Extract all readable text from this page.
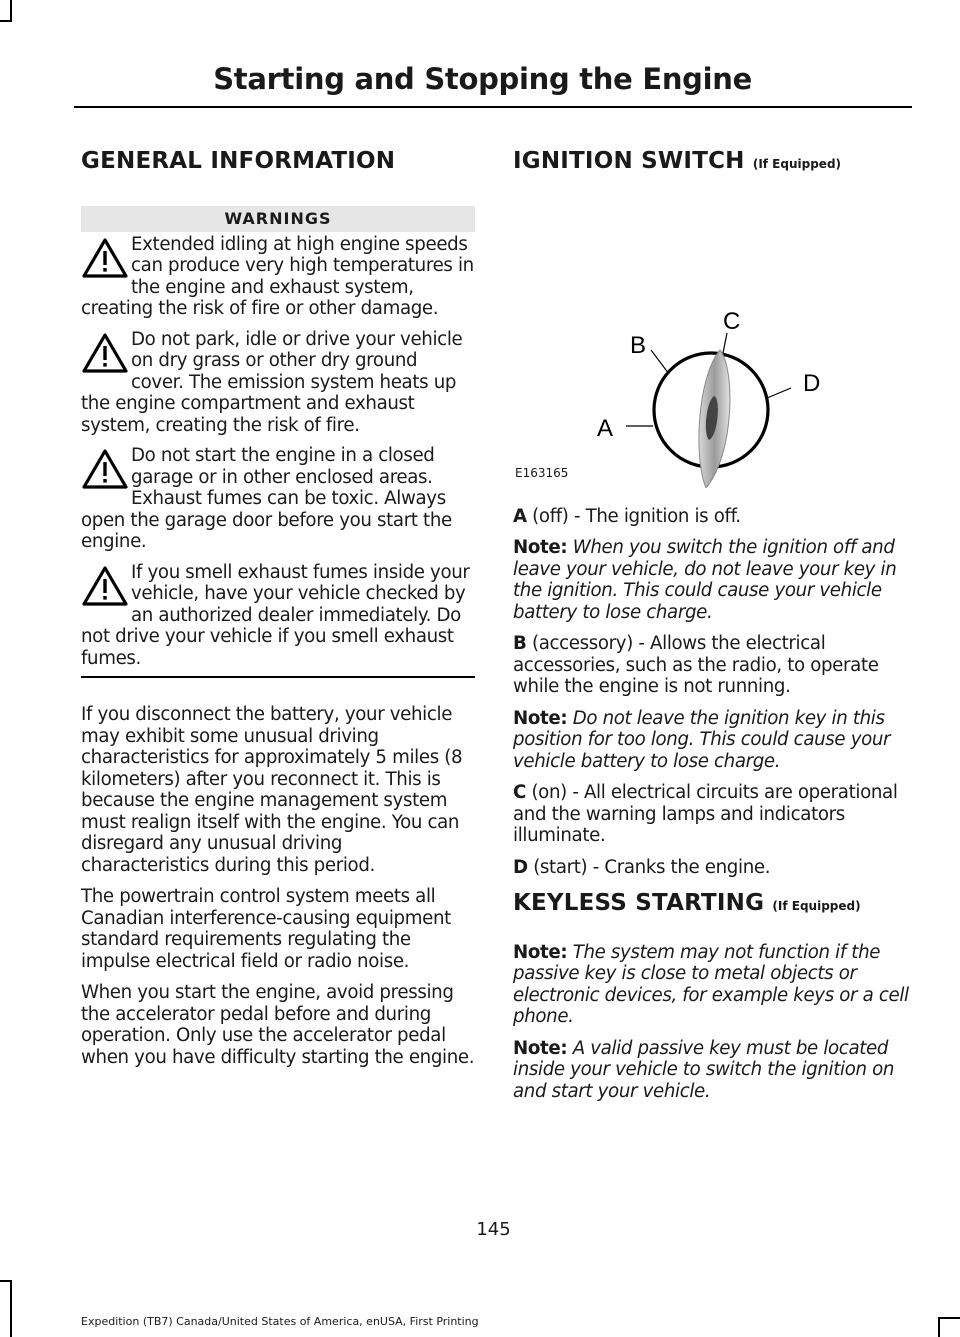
Starting and Stopping the Engine
GENERAL INFORMATION
WARNINGS
Extended idling at high engine speeds can produce very high temperatures in the engine and exhaust system, creating the risk of fire or other damage.
Do not park, idle or drive your vehicle on dry grass or other dry ground cover. The emission system heats up the engine compartment and exhaust system, creating the risk of fire.
Do not start the engine in a closed garage or in other enclosed areas. Exhaust fumes can be toxic. Always open the garage door before you start the engine.
If you smell exhaust fumes inside your vehicle, have your vehicle checked by an authorized dealer immediately. Do not drive your vehicle if you smell exhaust fumes.

If you disconnect the battery, your vehicle may exhibit some unusual driving characteristics for approximately 5 miles (8 kilometers) after you reconnect it. This is because the engine management system must realign itself with the engine. You can disregard any unusual driving characteristics during this period.

The powertrain control system meets all Canadian interference-causing equipment standard requirements regulating the impulse electrical field or radio noise.

When you start the engine, avoid pressing the accelerator pedal before and during operation. Only use the accelerator pedal when you have difficulty starting the engine.

IGNITION SWITCH (If Equipped)
A
B
C
D
E163165

A (off) - The ignition is off.

Note: When you switch the ignition off and leave your vehicle, do not leave your key in the ignition. This could cause your vehicle battery to lose charge.

B (accessory) - Allows the electrical accessories, such as the radio, to operate while the engine is not running.

Note: Do not leave the ignition key in this position for too long. This could cause your vehicle battery to lose charge.

C (on) - All electrical circuits are operational and the warning lamps and indicators illuminate.

D (start) - Cranks the engine.

KEYLESS STARTING (If Equipped)

Note: The system may not function if the passive key is close to metal objects or electronic devices, for example keys or a cell phone.

Note: A valid passive key must be located inside your vehicle to switch the ignition on and start your vehicle.

145
Expedition (TB7) Canada/United States of America, enUSA, First Printing
